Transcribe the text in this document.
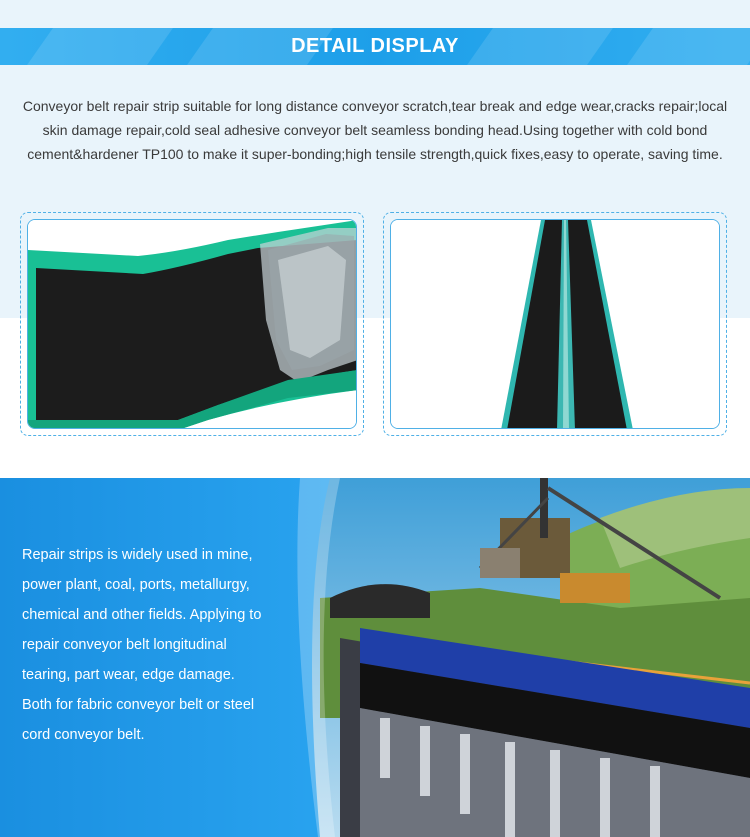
DETAIL DISPLAY
Conveyor belt repair strip suitable for long distance conveyor scratch,tear break and edge wear,cracks repair;local skin damage repair,cold seal adhesive conveyor belt seamless bonding head.Using together with cold bond cement&hardener TP100 to make it super-bonding;high tensile strength,quick fixes,easy to operate, saving time.

Repair strips is widely used in mine,

power plant, coal, ports, metallurgy,

chemical and other fields. Applying to

repair conveyor belt longitudinal

tearing, part wear, edge damage.

Both for fabric conveyor belt or steel

cord conveyor belt.
